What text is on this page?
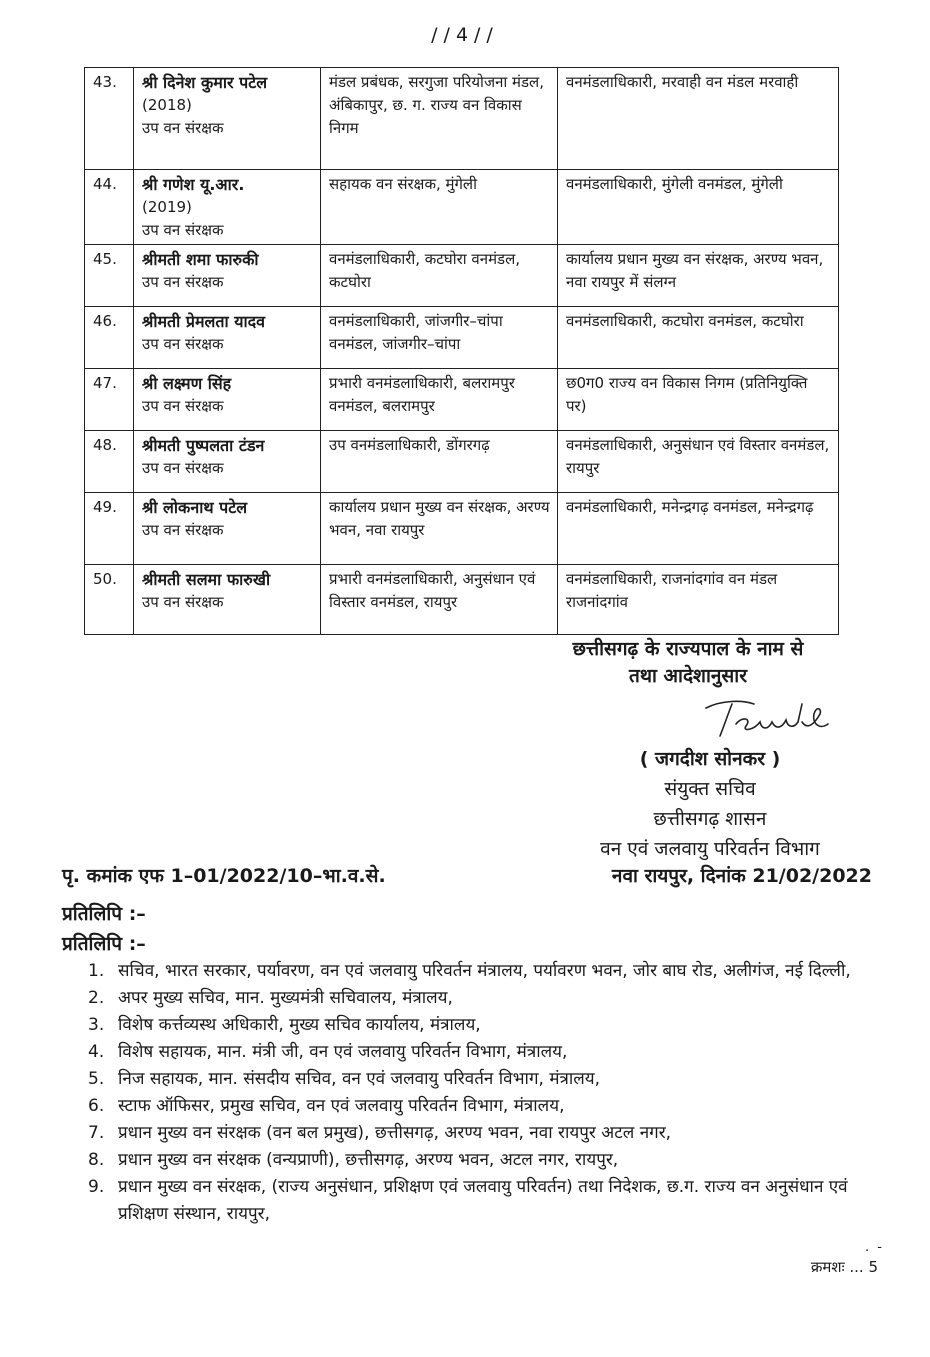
//4//
43.	श्री दिनेश कुमार पटेल
(2018)
उप वन संरक्षक	मंडल प्रबंधक, सरगुजा परियोजना मंडल, अंबिकापुर, छ. ग. राज्य वन विकास निगम	वनमंडलाधिकारी, मरवाही वन मंडल मरवाही
44.	श्री गणेश यू.आर.
(2019)
उप वन संरक्षक	सहायक वन संरक्षक, मुंगेली	वनमंडलाधिकारी, मुंगेली वनमंडल, मुंगेली
45.	श्रीमती शमा फारुकी
उप वन संरक्षक	वनमंडलाधिकारी, कटघोरा वनमंडल, कटघोरा	कार्यालय प्रधान मुख्य वन संरक्षक, अरण्य भवन, नवा रायपुर में संलग्न
46.	श्रीमती प्रेमलता यादव
उप वन संरक्षक	वनमंडलाधिकारी, जांजगीर–चांपा वनमंडल, जांजगीर–चांपा	वनमंडलाधिकारी, कटघोरा वनमंडल, कटघोरा
47.	श्री लक्ष्मण सिंह
उप वन संरक्षक	प्रभारी वनमंडलाधिकारी, बलरामपुर वनमंडल, बलरामपुर	छ0ग0 राज्य वन विकास निगम (प्रतिनियुक्ति पर)
48.	श्रीमती पुष्पलता टंडन
उप वन संरक्षक	उप वनमंडलाधिकारी, डोंगरगढ़	वनमंडलाधिकारी, अनुसंधान एवं विस्तार वनमंडल, रायपुर
49.	श्री लोकनाथ पटेल
उप वन संरक्षक	कार्यालय प्रधान मुख्य वन संरक्षक, अरण्य भवन, नवा रायपुर	वनमंडलाधिकारी, मनेन्द्रगढ़ वनमंडल, मनेन्द्रगढ़
50.	श्रीमती सलमा फारुखी
उप वन संरक्षक	प्रभारी वनमंडलाधिकारी, अनुसंधान एवं विस्तार वनमंडल, रायपुर	वनमंडलाधिकारी, राजनांदगांव वन मंडल राजनांदगांव
छत्तीसगढ़ के राज्यपाल के नाम से
तथा आदेशानुसार
( जगदीश सोनकर )
संयुक्त सचिव
छत्तीसगढ़ शासन
वन एवं जलवायु परिवर्तन विभाग
पृ. कमांक एफ 1–01/2022/10–भा.व.से.	नवा रायपुर, दिनांक 21/02/2022
प्रतिलिपि :–
प्रतिलिपि :–
1. सचिव, भारत सरकार, पर्यावरण, वन एवं जलवायु परिवर्तन मंत्रालय, पर्यावरण भवन, जोर बाघ रोड, अलीगंज, नई दिल्ली,
2. अपर मुख्य सचिव, मान. मुख्यमंत्री सचिवालय, मंत्रालय,
3. विशेष कर्त्तव्यस्थ अधिकारी, मुख्य सचिव कार्यालय, मंत्रालय,
4. विशेष सहायक, मान. मंत्री जी, वन एवं जलवायु परिवर्तन विभाग, मंत्रालय,
5. निज सहायक, मान. संसदीय सचिव, वन एवं जलवायु परिवर्तन विभाग, मंत्रालय,
6. स्टाफ ऑफिसर, प्रमुख सचिव, वन एवं जलवायु परिवर्तन विभाग, मंत्रालय,
7. प्रधान मुख्य वन संरक्षक (वन बल प्रमुख), छत्तीसगढ़, अरण्य भवन, नवा रायपुर अटल नगर,
8. प्रधान मुख्य वन संरक्षक (वन्यप्राणी), छत्तीसगढ़, अरण्य भवन, अटल नगर, रायपुर,
9. प्रधान मुख्य वन संरक्षक, (राज्य अनुसंधान, प्रशिक्षण एवं जलवायु परिवर्तन) तथा निदेशक, छ.ग. राज्य वन अनुसंधान एवं प्रशिक्षण संस्थान, रायपुर,
. -
क्रमशः ... 5
